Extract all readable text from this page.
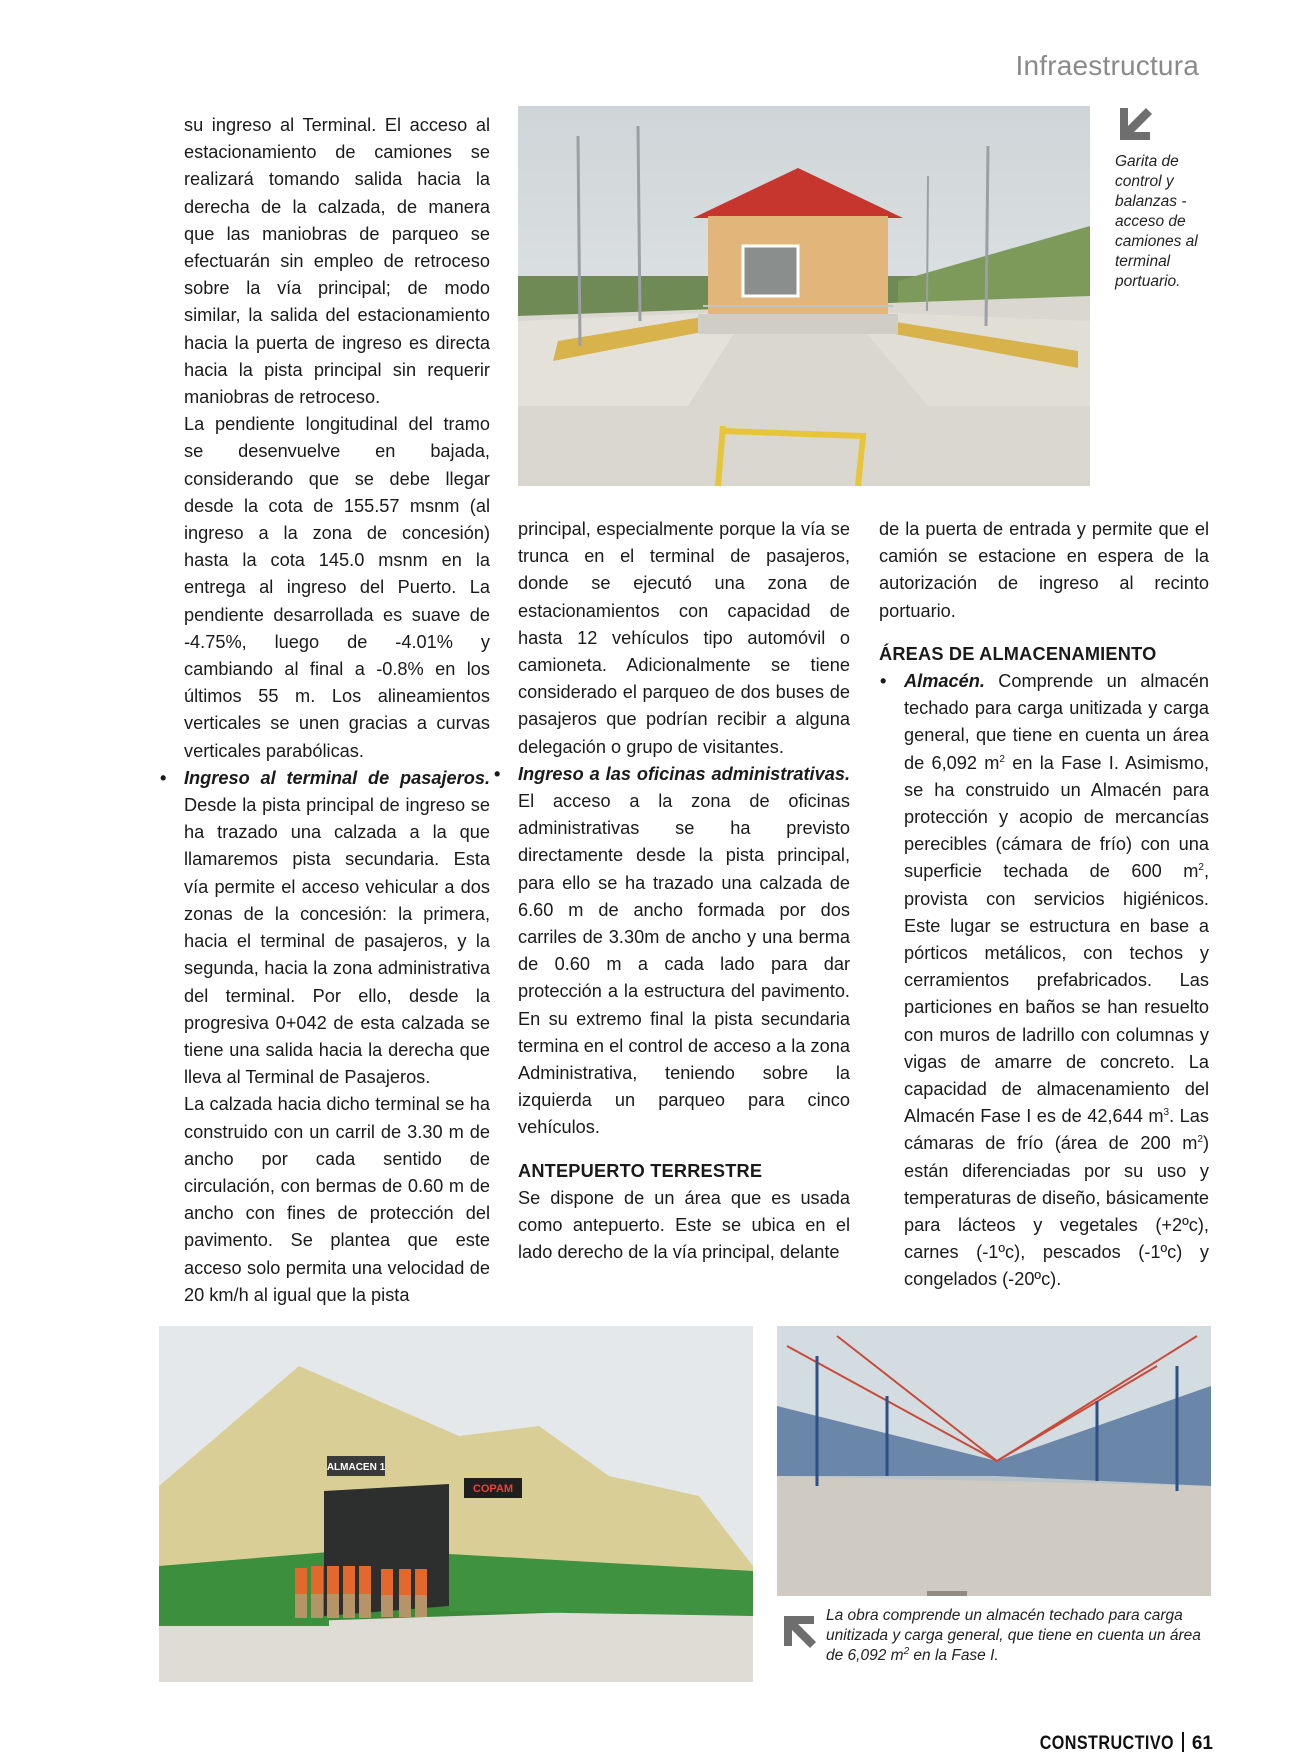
Infraestructura

su ingreso al Terminal. El acceso al estacionamiento de camiones se realizará tomando salida hacia la derecha de la calzada, de manera que las maniobras de parqueo se efectuarán sin empleo de retroceso sobre la vía principal; de modo similar, la salida del estacionamiento hacia la puerta de ingreso es directa hacia la pista principal sin requerir maniobras de retroceso.

La pendiente longitudinal del tramo se desenvuelve en bajada, considerando que se debe llegar desde la cota de 155.57 msnm (al ingreso a la zona de concesión) hasta la cota 145.0 msnm en la entrega al ingreso del Puerto. La pendiente desarrollada es suave de -4.75%, luego de -4.01% y cambiando al final a -0.8% en los últimos 55 m. Los alineamientos verticales se unen gracias a curvas verticales parabólicas.

• Ingreso al terminal de pasajeros. Desde la pista principal de ingreso se ha trazado una calzada a la que llamaremos pista secundaria. Esta vía permite el acceso vehicular a dos zonas de la concesión: la primera, hacia el terminal de pasajeros, y la segunda, hacia la zona administrativa del terminal. Por ello, desde la progresiva 0+042 de esta calzada se tiene una salida hacia la derecha que lleva al Terminal de Pasajeros.

La calzada hacia dicho terminal se ha construido con un carril de 3.30 m de ancho por cada sentido de circulación, con bermas de 0.60 m de ancho con fines de protección del pavimento. Se plantea que este acceso solo permita una velocidad de 20 km/h al igual que la pista

principal, especialmente porque la vía se trunca en el terminal de pasajeros, donde se ejecutó una zona de estacionamientos con capacidad de hasta 12 vehículos tipo automóvil o camioneta. Adicionalmente se tiene considerado el parqueo de dos buses de pasajeros que podrían recibir a alguna delegación o grupo de visitantes.

• Ingreso a las oficinas administrativas. El acceso a la zona de oficinas administrativas se ha previsto directamente desde la pista principal, para ello se ha trazado una calzada de 6.60 m de ancho formada por dos carriles de 3.30m de ancho y una berma de 0.60 m a cada lado para dar protección a la estructura del pavimento. En su extremo final la pista secundaria termina en el control de acceso a la zona Administrativa, teniendo sobre la izquierda un parqueo para cinco vehículos.

ANTEPUERTO TERRESTRE

Se dispone de un área que es usada como antepuerto. Este se ubica en el lado derecho de la vía principal, delante

de la puerta de entrada y permite que el camión se estacione en espera de la autorización de ingreso al recinto portuario.

ÁREAS DE ALMACENAMIENTO

• Almacén. Comprende un almacén techado para carga unitizada y carga general, que tiene en cuenta un área de 6,092 $m^2$ en la Fase I. Asimismo, se ha construido un Almacén para protección y acopio de mercancías perecibles (cámara de frío) con una superficie techada de 600 $m^2$, provista con servicios higiénicos. Este lugar se estructura en base a pórticos metálicos, con techos y cerramientos prefabricados. Las particiones en baños se han resuelto con muros de ladrillo con columnas y vigas de amarre de concreto. La capacidad de almacenamiento del Almacén Fase I es de 42,644 $m^3$. Las cámaras de frío (área de 200 $m^2$) están diferenciadas por su uso y temperaturas de diseño, básicamente para lácteos y vegetales (+2ºc), carnes (-1ºc), pescados (-1ºc) y congelados (-20ºc).

Garita de control y balanzas - acceso de camiones al terminal portuario.
ALMACEN 1
COPAM
La obra comprende un almacén techado para carga unitizada y carga general, que tiene en cuenta un área de 6,092 $m^2$ en la Fase I.
CONSTRUCTIVO 61
